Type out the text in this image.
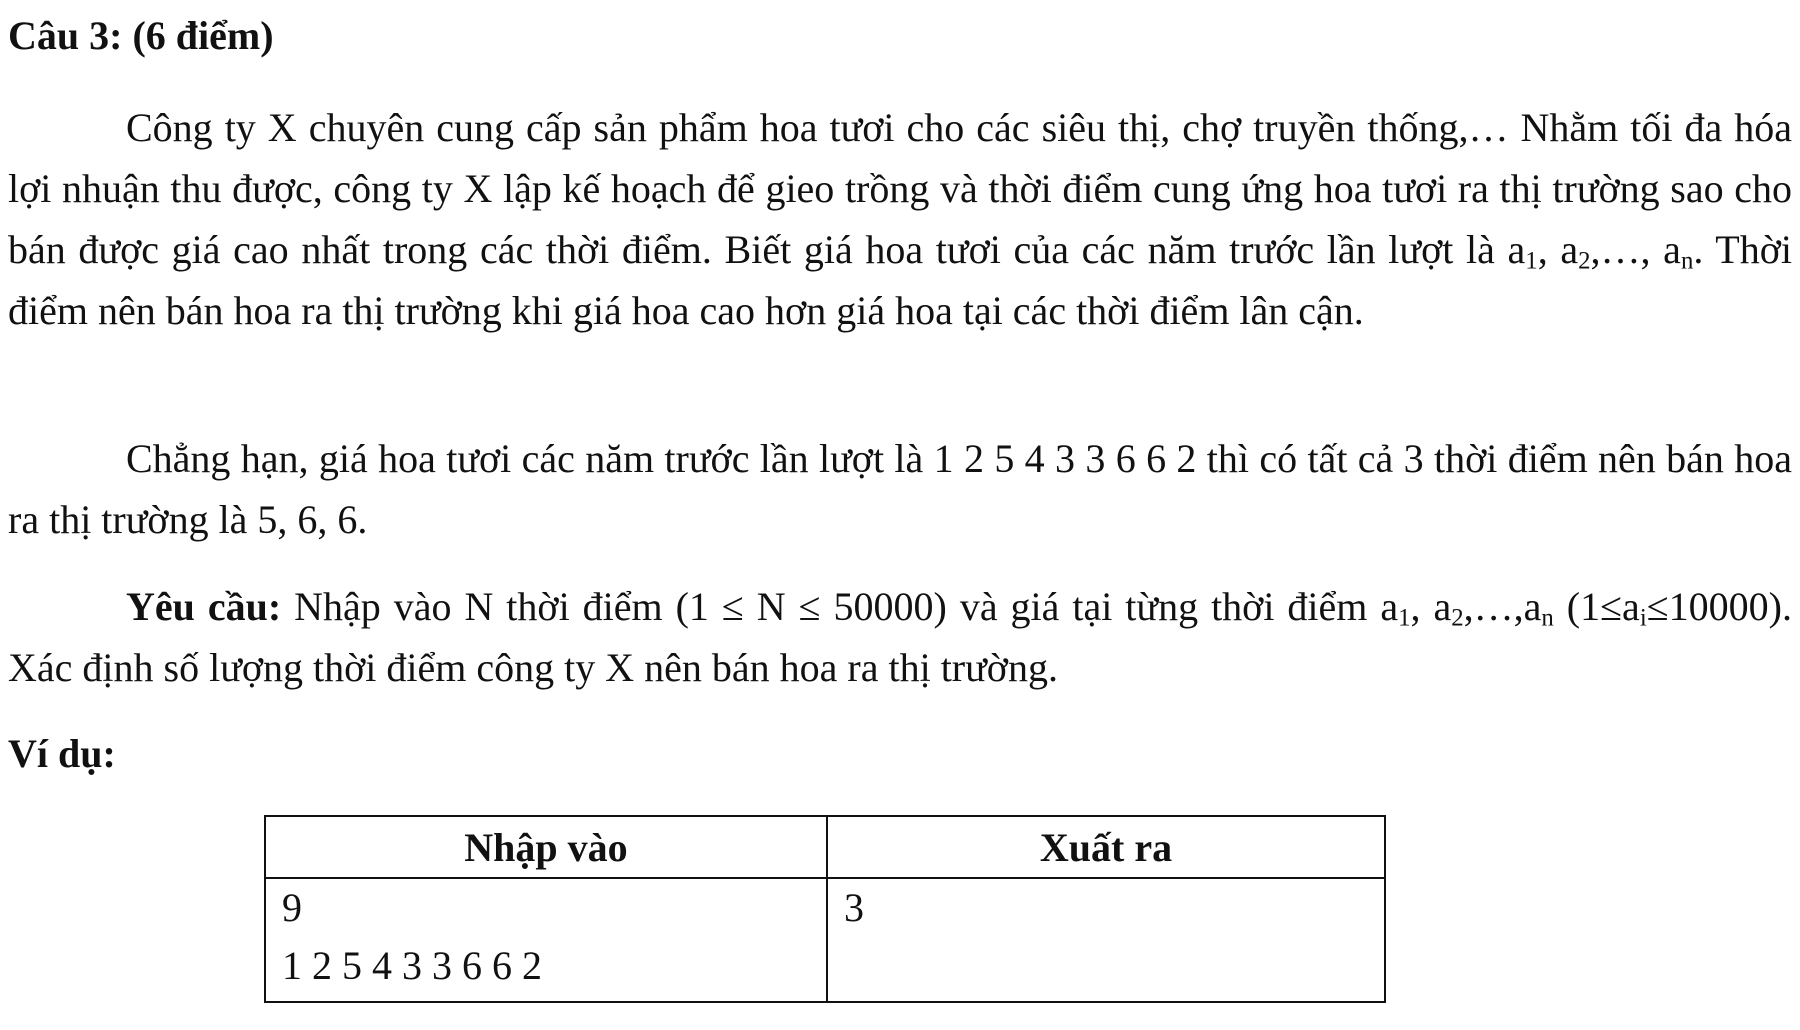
Câu 3: (6 điểm)

Công ty X chuyên cung cấp sản phẩm hoa tươi cho các siêu thị, chợ truyền thống,… Nhằm tối đa hóa lợi nhuận thu được, công ty X lập kế hoạch để gieo trồng và thời điểm cung ứng hoa tươi ra thị trường sao cho bán được giá cao nhất trong các thời điểm. Biết giá hoa tươi của các năm trước lần lượt là $a_1$, $a_2,\dots$, $a_n$. Thời điểm nên bán hoa ra thị trường khi giá hoa cao hơn giá hoa tại các thời điểm lân cận.

Chẳng hạn, giá hoa tươi các năm trước lần lượt là 1 2 5 4 3 3 6 6 2 thì có tất cả 3 thời điểm nên bán hoa ra thị trường là 5, 6, 6.

Yêu cầu: Nhập vào N thời điểm (1 ≤ N ≤ 50000) và giá tại từng thời điểm $a_1$, $a_2,\dots,a_n$ $(1\le a_i\le 10000)$. Xác định số lượng thời điểm công ty X nên bán hoa ra thị trường.

Ví dụ:
Nhập vào	Xuất ra

9
1 2 5 4 3 3 6 6 2	3
